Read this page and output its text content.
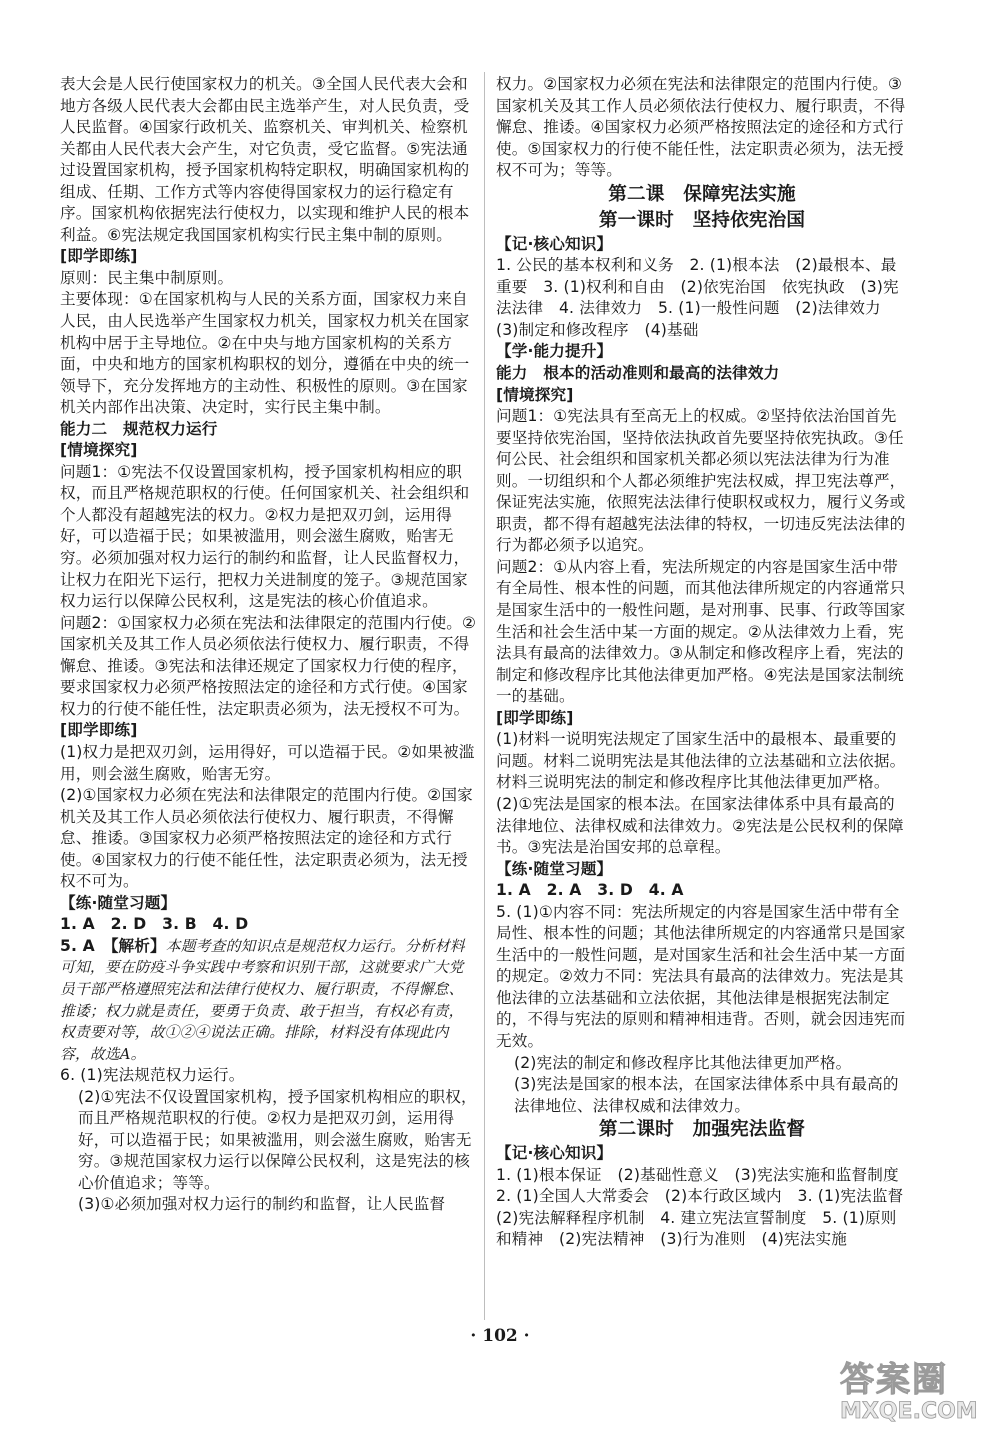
表大会是人民行使国家权力的机关。③全国人民代表大会和地方各级人民代表大会都由民主选举产生，对人民负责，受人民监督。④国家行政机关、监察机关、审判机关、检察机关都由人民代表大会产生，对它负责，受它监督。⑤宪法通过设置国家机构，授予国家机构特定职权，明确国家机构的组成、任期、工作方式等内容使得国家权力的运行稳定有序。国家机构依据宪法行使权力，以实现和维护人民的根本利益。⑥宪法规定我国国家机构实行民主集中制的原则。

[即学即练]

原则：民主集中制原则。

主要体现：①在国家机构与人民的关系方面，国家权力来自人民，由人民选举产生国家权力机关，国家权力机关在国家机构中居于主导地位。②在中央与地方国家机构的关系方面，中央和地方的国家机构职权的划分，遵循在中央的统一领导下，充分发挥地方的主动性、积极性的原则。③在国家机关内部作出决策、决定时，实行民主集中制。

能力二　规范权力运行

[情境探究]

问题1：①宪法不仅设置国家机构，授予国家机构相应的职权，而且严格规范职权的行使。任何国家机关、社会组织和个人都没有超越宪法的权力。②权力是把双刃剑，运用得好，可以造福于民；如果被滥用，则会滋生腐败，贻害无穷。必须加强对权力运行的制约和监督，让人民监督权力，让权力在阳光下运行，把权力关进制度的笼子。③规范国家权力运行以保障公民权利，这是宪法的核心价值追求。

问题2：①国家权力必须在宪法和法律限定的范围内行使。②国家机关及其工作人员必须依法行使权力、履行职责，不得懈怠、推诿。③宪法和法律还规定了国家权力行使的程序，要求国家权力必须严格按照法定的途径和方式行使。④国家权力的行使不能任性，法定职责必须为，法无授权不可为。

[即学即练]

(1)权力是把双刃剑，运用得好，可以造福于民。②如果被滥用，则会滋生腐败，贻害无穷。

(2)①国家权力必须在宪法和法律限定的范围内行使。②国家机关及其工作人员必须依法行使权力、履行职责，不得懈怠、推诿。③国家权力必须严格按照法定的途径和方式行使。④国家权力的行使不能任性，法定职责必须为，法无授权不可为。

【练·随堂习题】

1. A　2. D　3. B　4. D

5. A　【解析】本题考查的知识点是规范权力运行。分析材料可知，要在防疫斗争实践中考察和识别干部，这就要求广大党员干部严格遵照宪法和法律行使权力、履行职责，不得懈怠、推诿；权力就是责任，要勇于负责、敢于担当，有权必有责，权责要对等，故①②④说法正确。排除，材料没有体现此内容，故选A。

6. (1)宪法规范权力运行。

(2)①宪法不仅设置国家机构，授予国家机构相应的职权，而且严格规范职权的行使。②权力是把双刃剑，运用得好，可以造福于民；如果被滥用，则会滋生腐败，贻害无穷。③规范国家权力运行以保障公民权利，这是宪法的核心价值追求；等等。

(3)①必须加强对权力运行的制约和监督，让人民监督

权力。②国家权力必须在宪法和法律限定的范围内行使。③国家机关及其工作人员必须依法行使权力、履行职责，不得懈怠、推诿。④国家权力必须严格按照法定的途径和方式行使。⑤国家权力的行使不能任性，法定职责必须为，法无授权不可为；等等。

第二课　保障宪法实施

第一课时　坚持依宪治国

【记·核心知识】

1. 公民的基本权利和义务　2. (1)根本法　(2)最根本、最重要　3. (1)权利和自由　(2)依宪治国　依宪执政　(3)宪法法律　4. 法律效力　5. (1)一般性问题　(2)法律效力　(3)制定和修改程序　(4)基础

【学·能力提升】

能力　根本的活动准则和最高的法律效力

[情境探究]

问题1：①宪法具有至高无上的权威。②坚持依法治国首先要坚持依宪治国，坚持依法执政首先要坚持依宪执政。③任何公民、社会组织和国家机关都必须以宪法法律为行为准则。一切组织和个人都必须维护宪法权威，捍卫宪法尊严，保证宪法实施，依照宪法法律行使职权或权力，履行义务或职责，都不得有超越宪法法律的特权，一切违反宪法法律的行为都必须予以追究。

问题2：①从内容上看，宪法所规定的内容是国家生活中带有全局性、根本性的问题，而其他法律所规定的内容通常只是国家生活中的一般性问题，是对刑事、民事、行政等国家生活和社会生活中某一方面的规定。②从法律效力上看，宪法具有最高的法律效力。③从制定和修改程序上看，宪法的制定和修改程序比其他法律更加严格。④宪法是国家法制统一的基础。

[即学即练]

(1)材料一说明宪法规定了国家生活中的最根本、最重要的问题。材料二说明宪法是其他法律的立法基础和立法依据。材料三说明宪法的制定和修改程序比其他法律更加严格。

(2)①宪法是国家的根本法。在国家法律体系中具有最高的法律地位、法律权威和法律效力。②宪法是公民权利的保障书。③宪法是治国安邦的总章程。

【练·随堂习题】

1. A　2. A　3. D　4. A

5. (1)①内容不同：宪法所规定的内容是国家生活中带有全局性、根本性的问题；其他法律所规定的内容通常只是国家生活中的一般性问题，是对国家生活和社会生活中某一方面的规定。②效力不同：宪法具有最高的法律效力。宪法是其他法律的立法基础和立法依据，其他法律是根据宪法制定的，不得与宪法的原则和精神相违背。否则，就会因违宪而无效。

(2)宪法的制定和修改程序比其他法律更加严格。

(3)宪法是国家的根本法，在国家法律体系中具有最高的法律地位、法律权威和法律效力。

第二课时　加强宪法监督

【记·核心知识】

1. (1)根本保证　(2)基础性意义　(3)宪法实施和监督制度　2. (1)全国人大常委会　(2)本行政区域内　3. (1)宪法监督　(2)宪法解释程序机制　4. 建立宪法宣誓制度　5. (1)原则和精神　(2)宪法精神　(3)行为准则　(4)宪法实施

· 102 ·
答案圈
MXQE.COM
